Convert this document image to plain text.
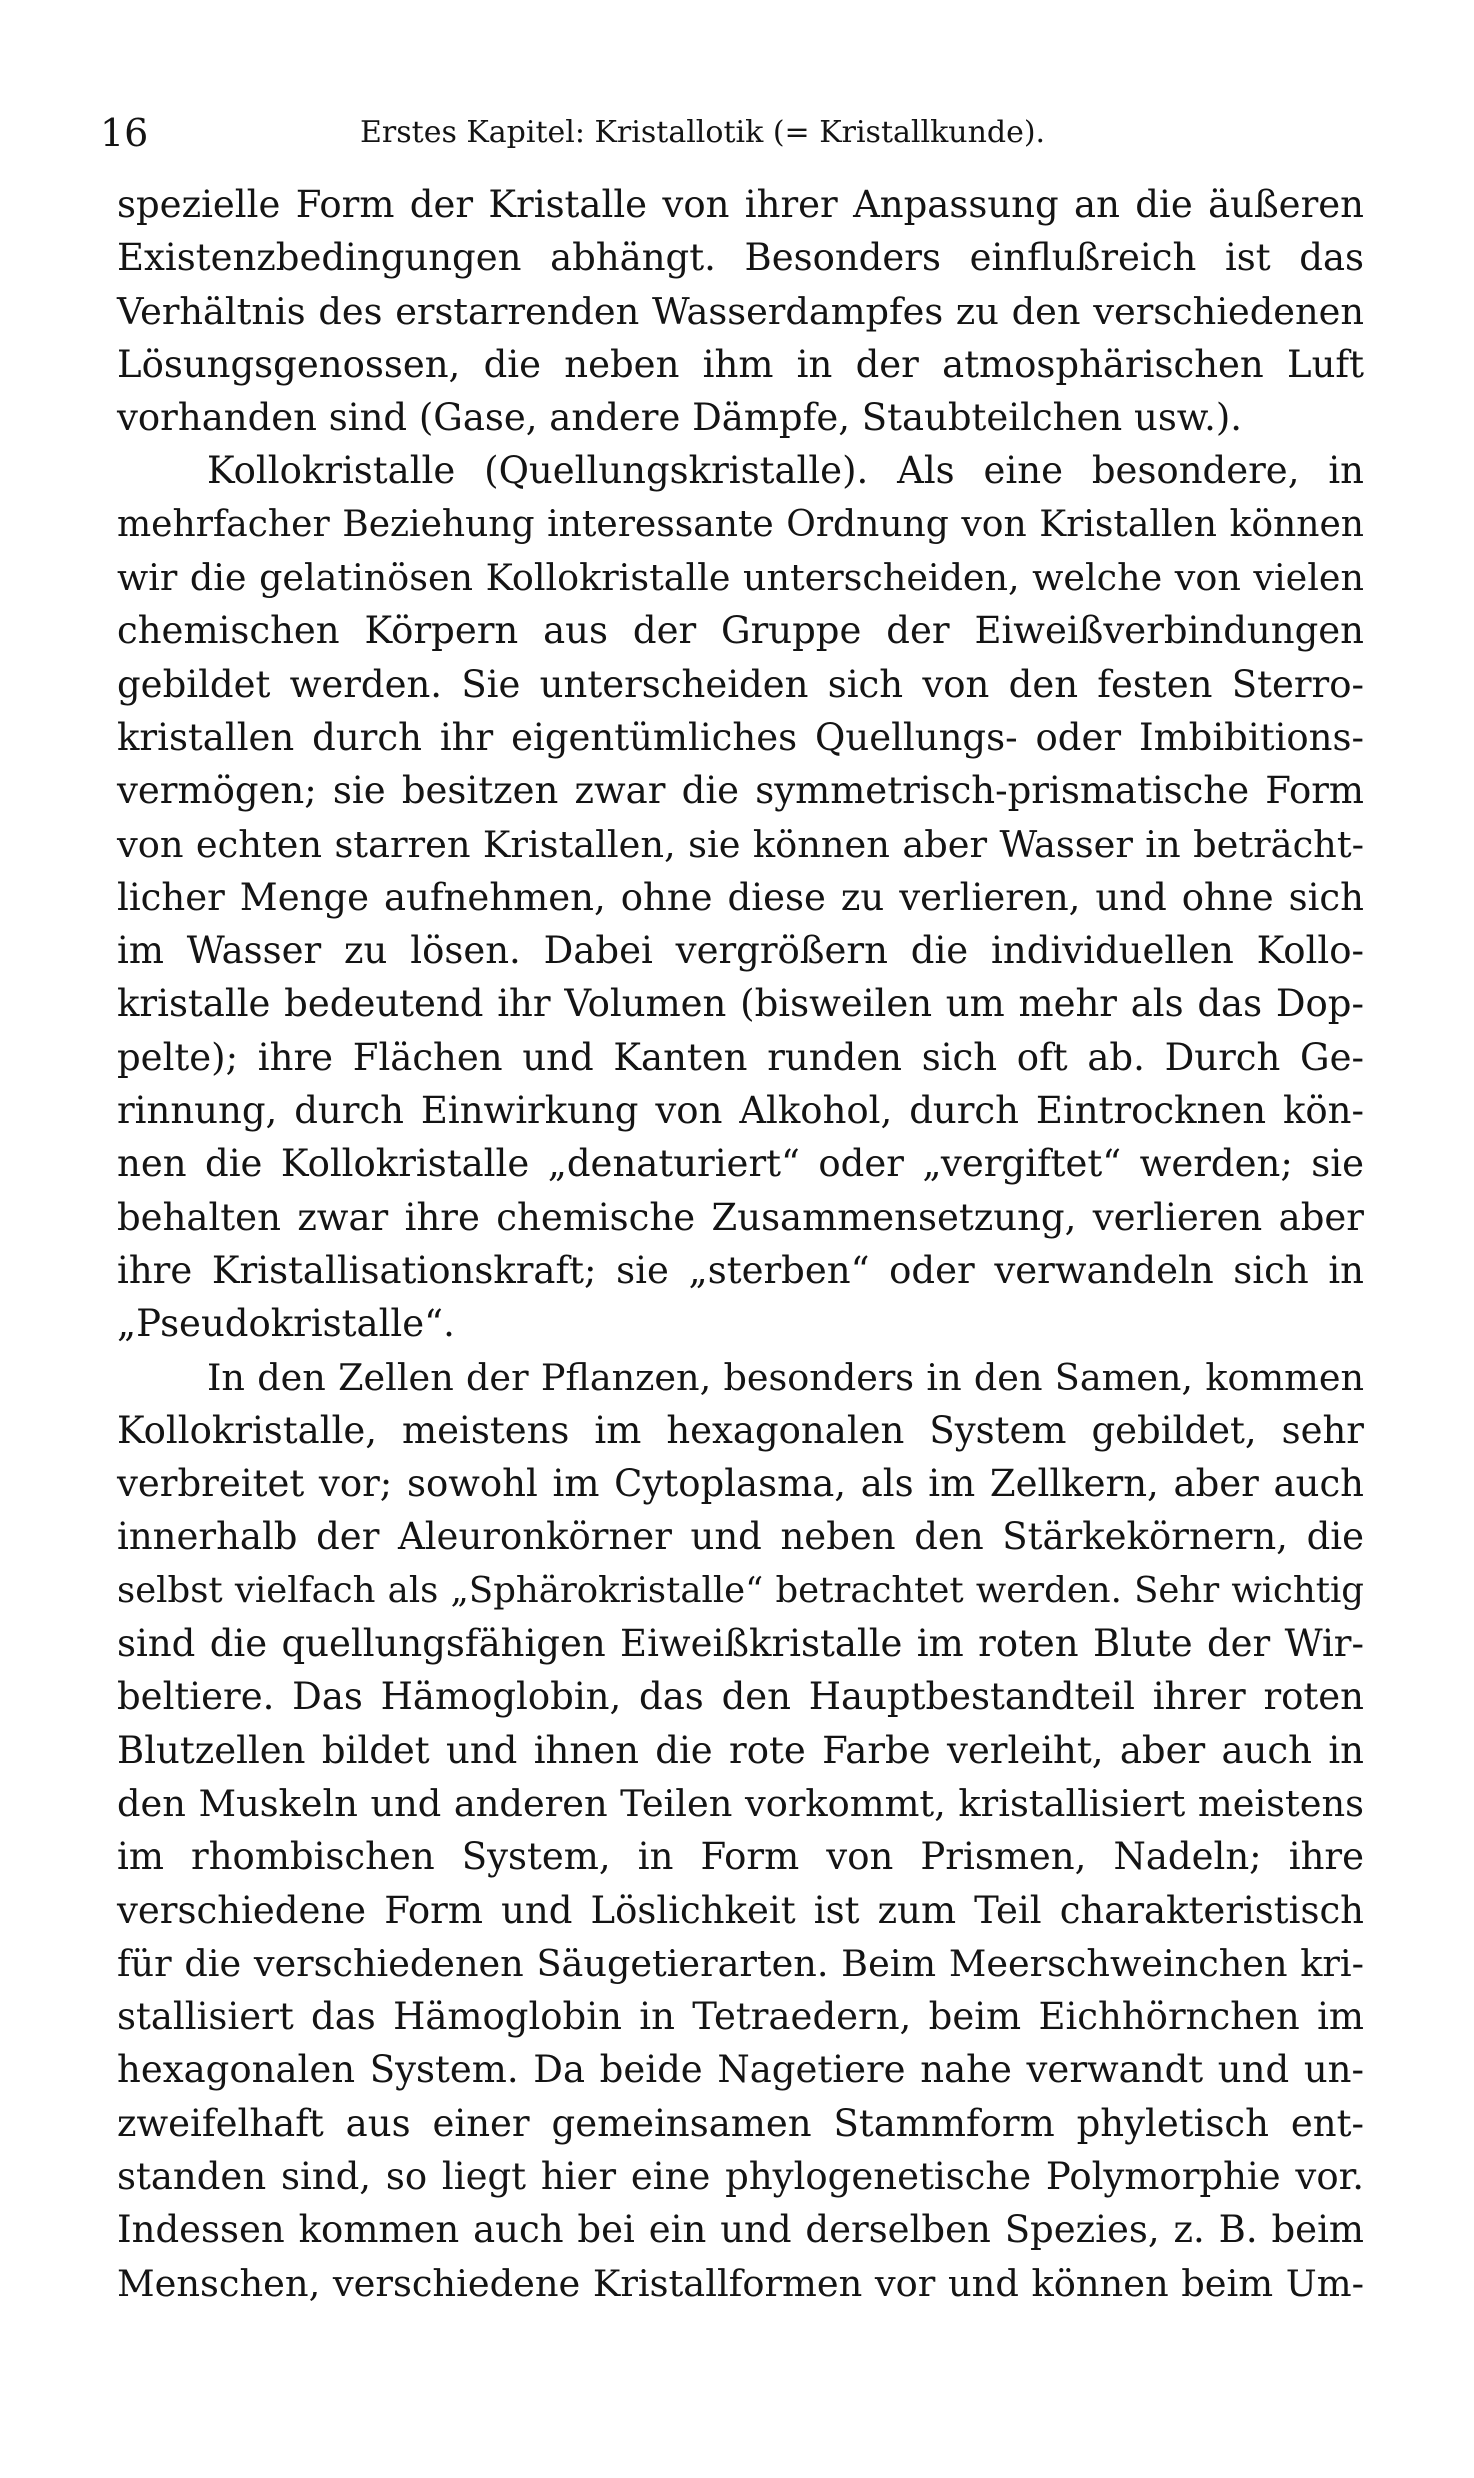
16	Erstes Kapitel: Kristallotik (= Kristallkunde).
spezielle Form der Kristalle von ihrer Anpassung an die äußeren
Existenzbedingungen abhängt. Besonders einflußreich ist das
Verhältnis des erstarrenden Wasserdampfes zu den verschiedenen
Lösungsgenossen, die neben ihm in der atmosphärischen Luft
vorhanden sind (Gase, andere Dämpfe, Staubteilchen usw.).
Kollokristalle (Quellungskristalle). Als eine besondere, in
mehrfacher Beziehung interessante Ordnung von Kristallen können
wir die gelatinösen Kollokristalle unterscheiden, welche von vielen
chemischen Körpern aus der Gruppe der Eiweißverbindungen
gebildet werden. Sie unterscheiden sich von den festen Sterro-
kristallen durch ihr eigentümliches Quellungs- oder Imbibitions-
vermögen; sie besitzen zwar die symmetrisch-prismatische Form
von echten starren Kristallen, sie können aber Wasser in beträcht-
licher Menge aufnehmen, ohne diese zu verlieren, und ohne sich
im Wasser zu lösen. Dabei vergrößern die individuellen Kollo-
kristalle bedeutend ihr Volumen (bisweilen um mehr als das Dop-
pelte); ihre Flächen und Kanten runden sich oft ab. Durch Ge-
rinnung, durch Einwirkung von Alkohol, durch Eintrocknen kön-
nen die Kollokristalle „denaturiert“ oder „vergiftet“ werden; sie
behalten zwar ihre chemische Zusammensetzung, verlieren aber
ihre Kristallisationskraft; sie „sterben“ oder verwandeln sich in
„Pseudokristalle“.
In den Zellen der Pflanzen, besonders in den Samen, kommen
Kollokristalle, meistens im hexagonalen System gebildet, sehr
verbreitet vor; sowohl im Cytoplasma, als im Zellkern, aber auch
innerhalb der Aleuronkörner und neben den Stärkekörnern, die
selbst vielfach als „Sphärokristalle“ betrachtet werden. Sehr wichtig
sind die quellungsfähigen Eiweißkristalle im roten Blute der Wir-
beltiere. Das Hämoglobin, das den Hauptbestandteil ihrer roten
Blutzellen bildet und ihnen die rote Farbe verleiht, aber auch in
den Muskeln und anderen Teilen vorkommt, kristallisiert meistens
im rhombischen System, in Form von Prismen, Nadeln; ihre
verschiedene Form und Löslichkeit ist zum Teil charakteristisch
für die verschiedenen Säugetierarten. Beim Meerschweinchen kri-
stallisiert das Hämoglobin in Tetraedern, beim Eichhörnchen im
hexagonalen System. Da beide Nagetiere nahe verwandt und un-
zweifelhaft aus einer gemeinsamen Stammform phyletisch ent-
standen sind, so liegt hier eine phylogenetische Polymorphie vor.
Indessen kommen auch bei ein und derselben Spezies, z. B. beim
Menschen, verschiedene Kristallformen vor und können beim Um-
